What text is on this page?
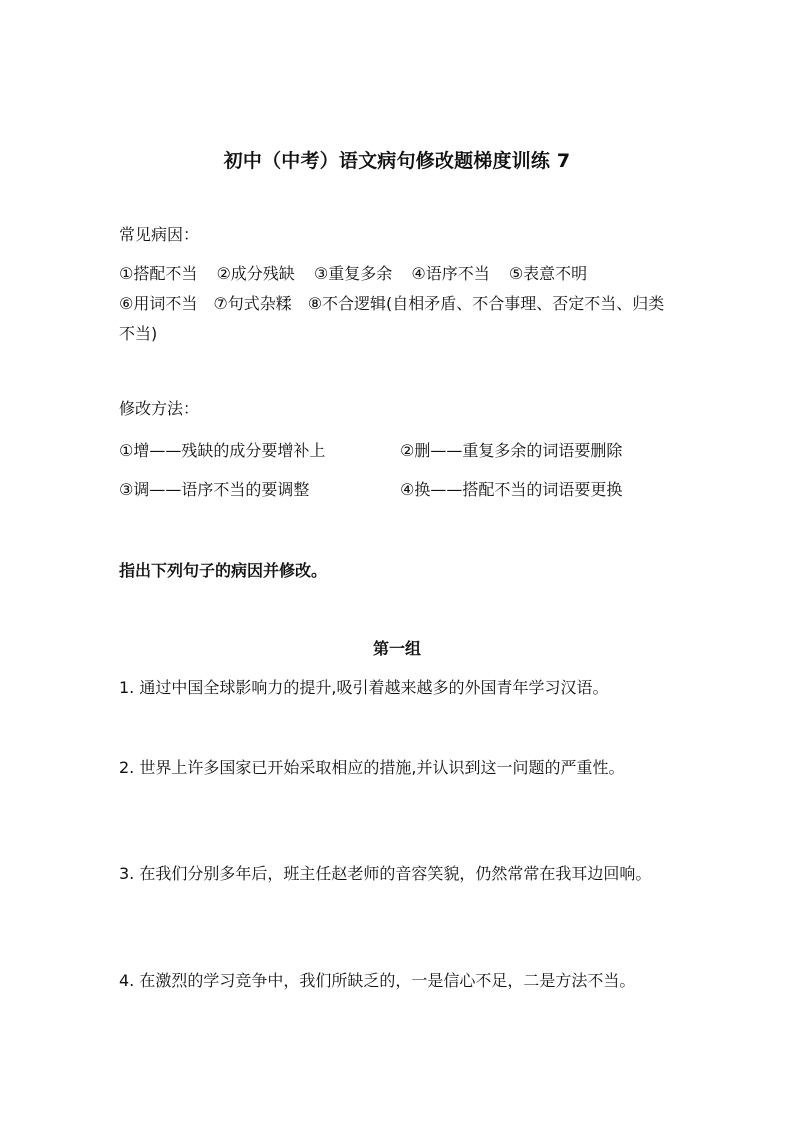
初中（中考）语文病句修改题梯度训练 7
常见病因：
①搭配不当 ②成分残缺 ③重复多余 ④语序不当 ⑤表意不明
⑥用词不当　⑦句式杂糅　⑧不合逻辑(自相矛盾、不合事理、否定不当、归类不当)
修改方法：
①增——残缺的成分要增补上	②删——重复多余的词语要删除
③调——语序不当的要调整	④换——搭配不当的词语要更换
指出下列句子的病因并修改。
第一组
1. 通过中国全球影响力的提升,吸引着越来越多的外国青年学习汉语。
2. 世界上许多国家已开始采取相应的措施,并认识到这一问题的严重性。
3. 在我们分别多年后，班主任赵老师的音容笑貌，仍然常常在我耳边回响。
4. 在激烈的学习竞争中，我们所缺乏的，一是信心不足，二是方法不当。
